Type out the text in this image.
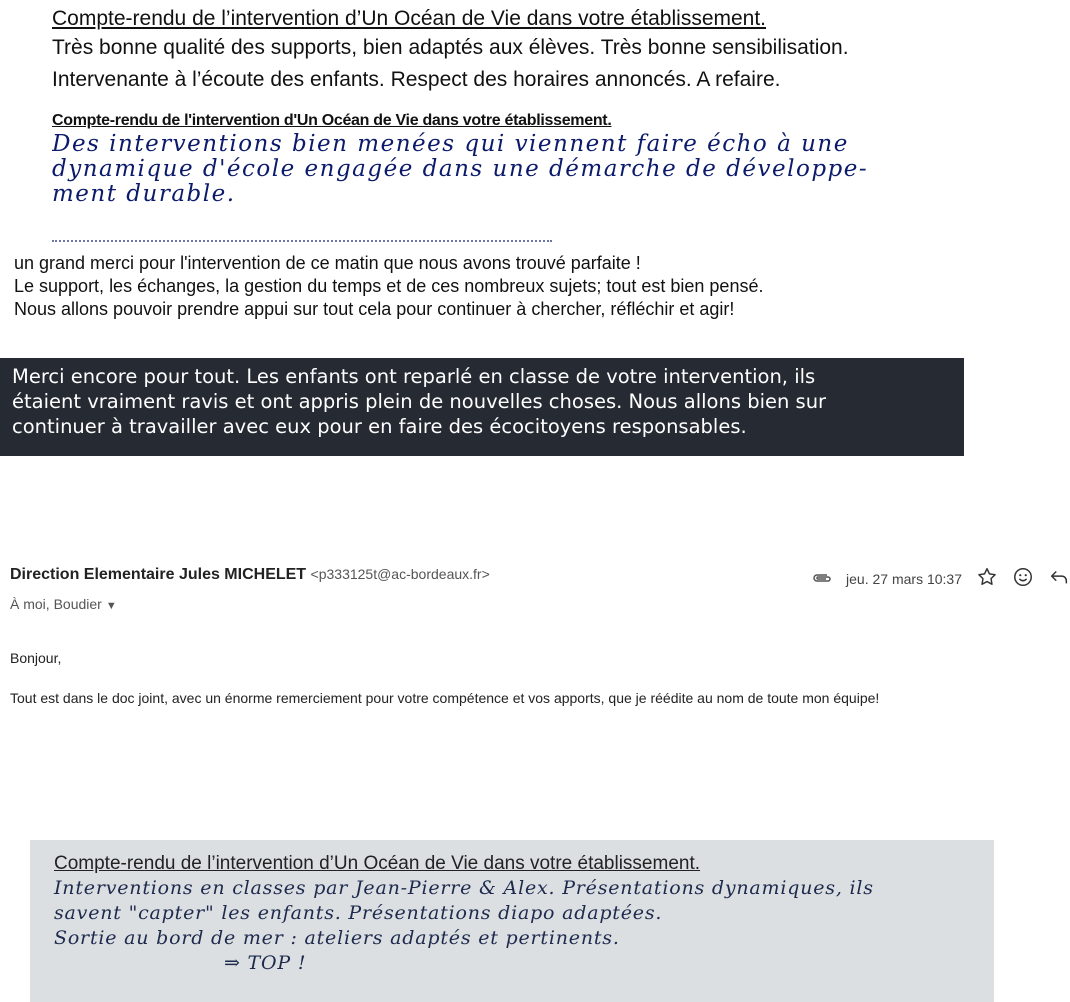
Compte-rendu de l’intervention d’Un Océan de Vie dans votre établissement.
Très bonne qualité des supports, bien adaptés aux élèves. Très bonne sensibilisation.
Intervenante à l’écoute des enfants. Respect des horaires annoncés. A refaire.
Compte-rendu de l'intervention d'Un Océan de Vie dans votre établissement.
Des interventions bien menées qui viennent faire écho à une
dynamique d'école engagée dans une démarche de développe-
ment durable.
un grand merci pour l'intervention de ce matin que nous avons trouvé parfaite !
Le support, les échanges, la gestion du temps et de ces nombreux sujets; tout est bien pensé.
Nous allons pouvoir prendre appui sur tout cela pour continuer à chercher, réfléchir et agir!
Merci encore pour tout. Les enfants ont reparlé en classe de votre intervention, ils
étaient vraiment ravis et ont appris plein de nouvelles choses. Nous allons bien sur
continuer à travailler avec eux pour en faire des écocitoyens responsables.
Direction Elementaire Jules MICHELET <p333125t@ac-bordeaux.fr>	jeu. 27 mars 10:37
À moi, Boudier ▼
Bonjour,
Tout est dans le doc joint, avec un énorme remerciement pour votre compétence et vos apports, que je réédite au nom de toute mon équipe!
Compte-rendu de l’intervention d’Un Océan de Vie dans votre établissement.
Interventions en classes par Jean-Pierre & Alex. Présentations dynamiques, ils
savent "capter" les enfants. Présentations diapo adaptées.
Sortie au bord de mer : ateliers adaptés et pertinents.
⇒ TOP !
